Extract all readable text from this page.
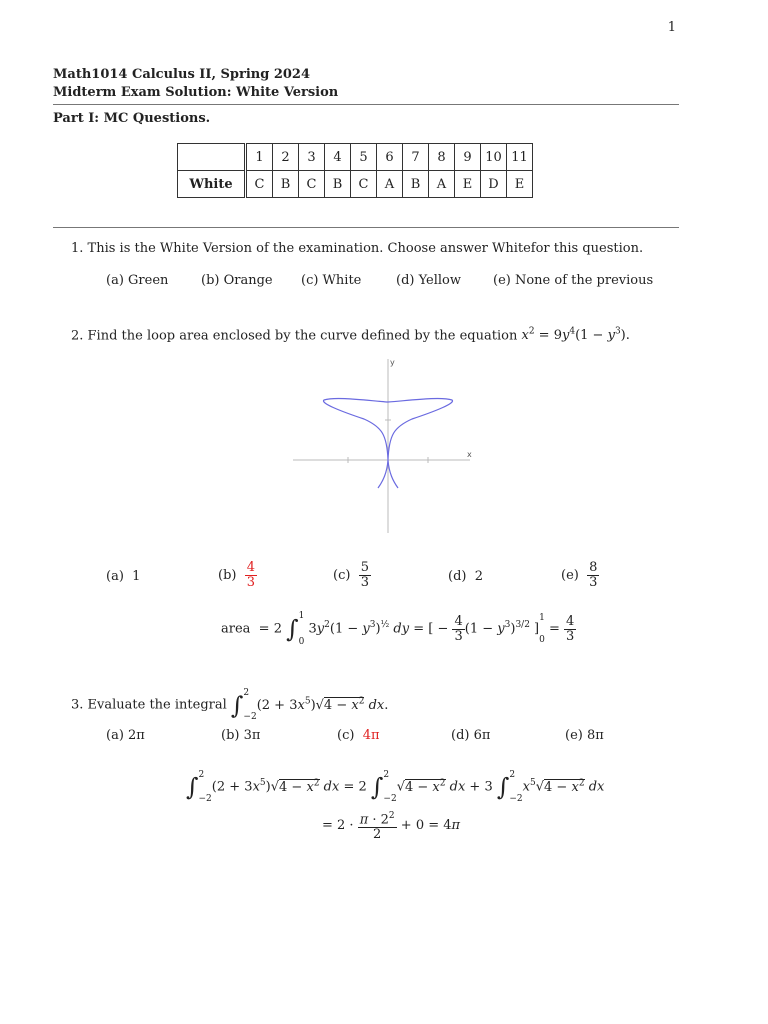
1
Math1014 Calculus II, Spring 2024
Midterm Exam Solution: White Version
Part I: MC Questions.
	1	2	3	4	5	6	7	8	9	10	11
White	C	B	C	B	C	A	B	A	E	D	E
1. This is the White Version of the examination. Choose answer Whitefor this question.
(a) Green	(b) Orange (c) White	(d) Yellow (e) None of the previous
2. Find the loop area enclosed by the curve defined by the equation $x^2 = 9y^4(1 - y^3)$.
x
y
(a) 1	$(b) \frac{4}{3}$	$(c) \frac{5}{3}$	(d) 2	$(e) \frac{8}{3}$
area  = 2 ∫1
0 $3y^2(1 - y^3)^{\frac{1}{2}}$ dy = [ − $\frac{4}{3} (1 - y^3)^{3/2}$ ]1
$0 = \frac{4}{3}$
3. Evaluate the integral ∫2
$-2(2 + 3x^5)√4 - x^2$ dx.
(a) 2π	(b) 3π	(c) 4π	(d) 6π	(e) 8π
∫2
$-2(2 + 3x^5)√4 - x^2$ dx = 2 ∫2
$-2√4 - x^2$ dx + 3 ∫2
$-2x^5√4 - x^2$ dx
= $2 \cdot \frac{\pi \cdot 2^2}{2} + 0 = 4\pi$
